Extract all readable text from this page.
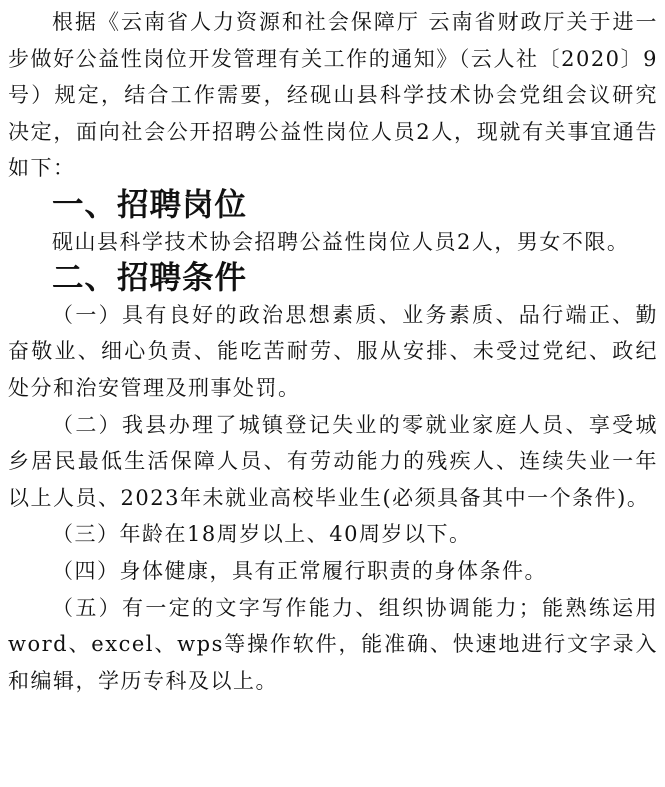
根据《云南省人力资源和社会保障厅 云南省财政厅关于进一步做好公益性岗位开发管理有关工作的通知》（云人社〔2020〕9号）规定，结合工作需要，经砚山县科学技术协会党组会议研究决定，面向社会公开招聘公益性岗位人员2人，现就有关事宜通告如下：

一、招聘岗位

砚山县科学技术协会招聘公益性岗位人员2人，男女不限。

二、招聘条件

（一）具有良好的政治思想素质、业务素质、品行端正、勤奋敬业、细心负责、能吃苦耐劳、服从安排、未受过党纪、政纪处分和治安管理及刑事处罚。

（二）我县办理了城镇登记失业的零就业家庭人员、享受城乡居民最低生活保障人员、有劳动能力的残疾人、连续失业一年以上人员、2023年未就业高校毕业生(必须具备其中一个条件)。

（三）年龄在18周岁以上、40周岁以下。

（四）身体健康，具有正常履行职责的身体条件。

（五）有一定的文字写作能力、组织协调能力；能熟练运用word、excel、wps等操作软件，能准确、快速地进行文字录入和编辑，学历专科及以上。
